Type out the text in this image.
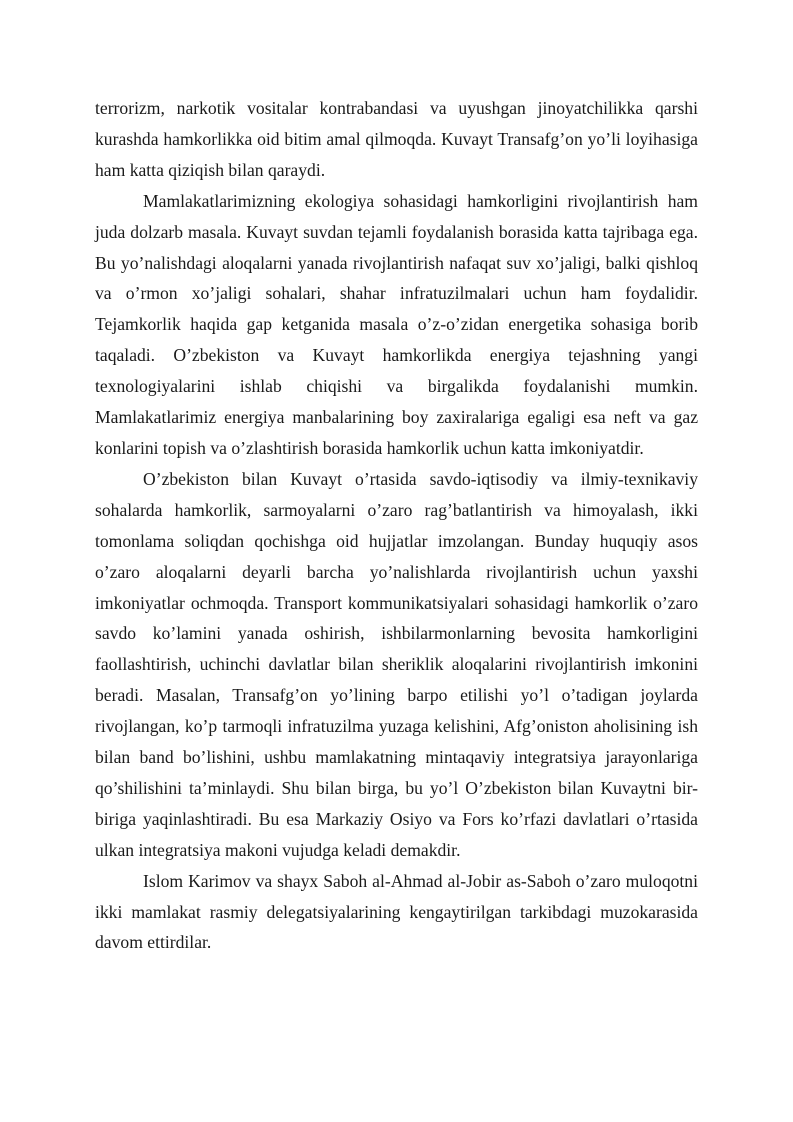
terrorizm, narkotik vositalar kontrabandasi va uyushgan jinoyatchilikka qarshi kurashda hamkorlikka oid bitim amal qilmoqda. Kuvayt Transafg’on yo’li loyihasiga ham katta qiziqish bilan qaraydi.

Mamlakatlarimizning ekologiya sohasidagi hamkorligini rivojlantirish ham juda dolzarb masala. Kuvayt suvdan tejamli foydalanish borasida katta tajribaga ega. Bu yo’nalishdagi aloqalarni yanada rivojlantirish nafaqat suv xo’jaligi, balki qishloq va o’rmon xo’jaligi sohalari, shahar infratuzilmalari uchun ham foydalidir. Tejamkorlik haqida gap ketganida masala o’z-o’zidan energetika sohasiga borib taqaladi. O’zbekiston va Kuvayt hamkorlikda energiya tejashning yangi texnologiyalarini ishlab chiqishi va birgalikda foydalanishi mumkin. Mamlakatlarimiz energiya manbalarining boy zaxiralariga egaligi esa neft va gaz konlarini topish va o’zlashtirish borasida hamkorlik uchun katta imkoniyatdir.

O’zbekiston bilan Kuvayt o’rtasida savdo-iqtisodiy va ilmiy-texnikaviy sohalarda hamkorlik, sarmoyalarni o’zaro rag’batlantirish va himoyalash, ikki tomonlama soliqdan qochishga oid hujjatlar imzolangan. Bunday huquqiy asos o’zaro aloqalarni deyarli barcha yo’nalishlarda rivojlantirish uchun yaxshi imkoniyatlar ochmoqda. Transport kommunikatsiyalari sohasidagi hamkorlik o’zaro savdo ko’lamini yanada oshirish, ishbilarmonlarning bevosita hamkorligini faollashtirish, uchinchi davlatlar bilan sheriklik aloqalarini rivojlantirish imkonini beradi. Masalan, Transafg’on yo’lining barpo etilishi yo’l o’tadigan joylarda rivojlangan, ko’p tarmoqli infratuzilma yuzaga kelishini, Afg’oniston aholisining ish bilan band bo’lishini, ushbu mamlakatning mintaqaviy integratsiya jarayonlariga qo’shilishini ta’minlaydi. Shu bilan birga, bu yo’l O’zbekiston bilan Kuvaytni bir-biriga yaqinlashtiradi. Bu esa Markaziy Osiyo va Fors ko’rfazi davlatlari o’rtasida ulkan integratsiya makoni vujudga keladi demakdir.

Islom Karimov va shayx Saboh al-Ahmad al-Jobir as-Saboh o’zaro muloqotni ikki mamlakat rasmiy delegatsiyalarining kengaytirilgan tarkibdagi muzokarasida davom ettirdilar.
